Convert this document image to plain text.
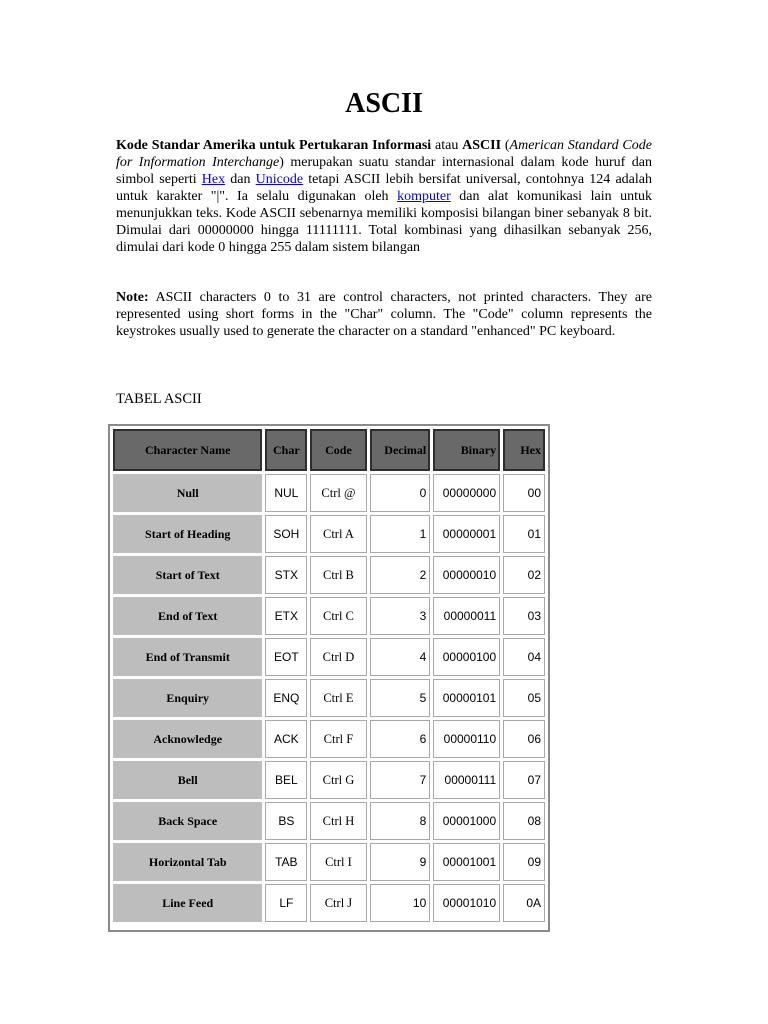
ASCII

Kode Standar Amerika untuk Pertukaran Informasi atau ASCII (American Standard Code for Information Interchange) merupakan suatu standar internasional dalam kode huruf dan simbol seperti Hex dan Unicode tetapi ASCII lebih bersifat universal, contohnya 124 adalah untuk karakter "|". Ia selalu digunakan oleh komputer dan alat komunikasi lain untuk menunjukkan teks. Kode ASCII sebenarnya memiliki komposisi bilangan biner sebanyak 8 bit. Dimulai dari 00000000 hingga 11111111. Total kombinasi yang dihasilkan sebanyak 256, dimulai dari kode 0 hingga 255 dalam sistem bilangan

Note: ASCII characters 0 to 31 are control characters, not printed characters. They are represented using short forms in the "Char" column. The "Code" column represents the keystrokes usually used to generate the character on a standard "enhanced" PC keyboard.

TABEL ASCII

Character Name	Char	Code	Decimal	Binary	Hex
Null	NUL	Ctrl @	0	00000000	00
Start of Heading	SOH	Ctrl A	1	00000001	01
Start of Text	STX	Ctrl B	2	00000010	02
End of Text	ETX	Ctrl C	3	00000011	03
End of Transmit	EOT	Ctrl D	4	00000100	04
Enquiry	ENQ	Ctrl E	5	00000101	05
Acknowledge	ACK	Ctrl F	6	00000110	06
Bell	BEL	Ctrl G	7	00000111	07
Back Space	BS	Ctrl H	8	00001000	08
Horizontal Tab	TAB	Ctrl I	9	00001001	09
Line Feed	LF	Ctrl J	10	00001010	0A
